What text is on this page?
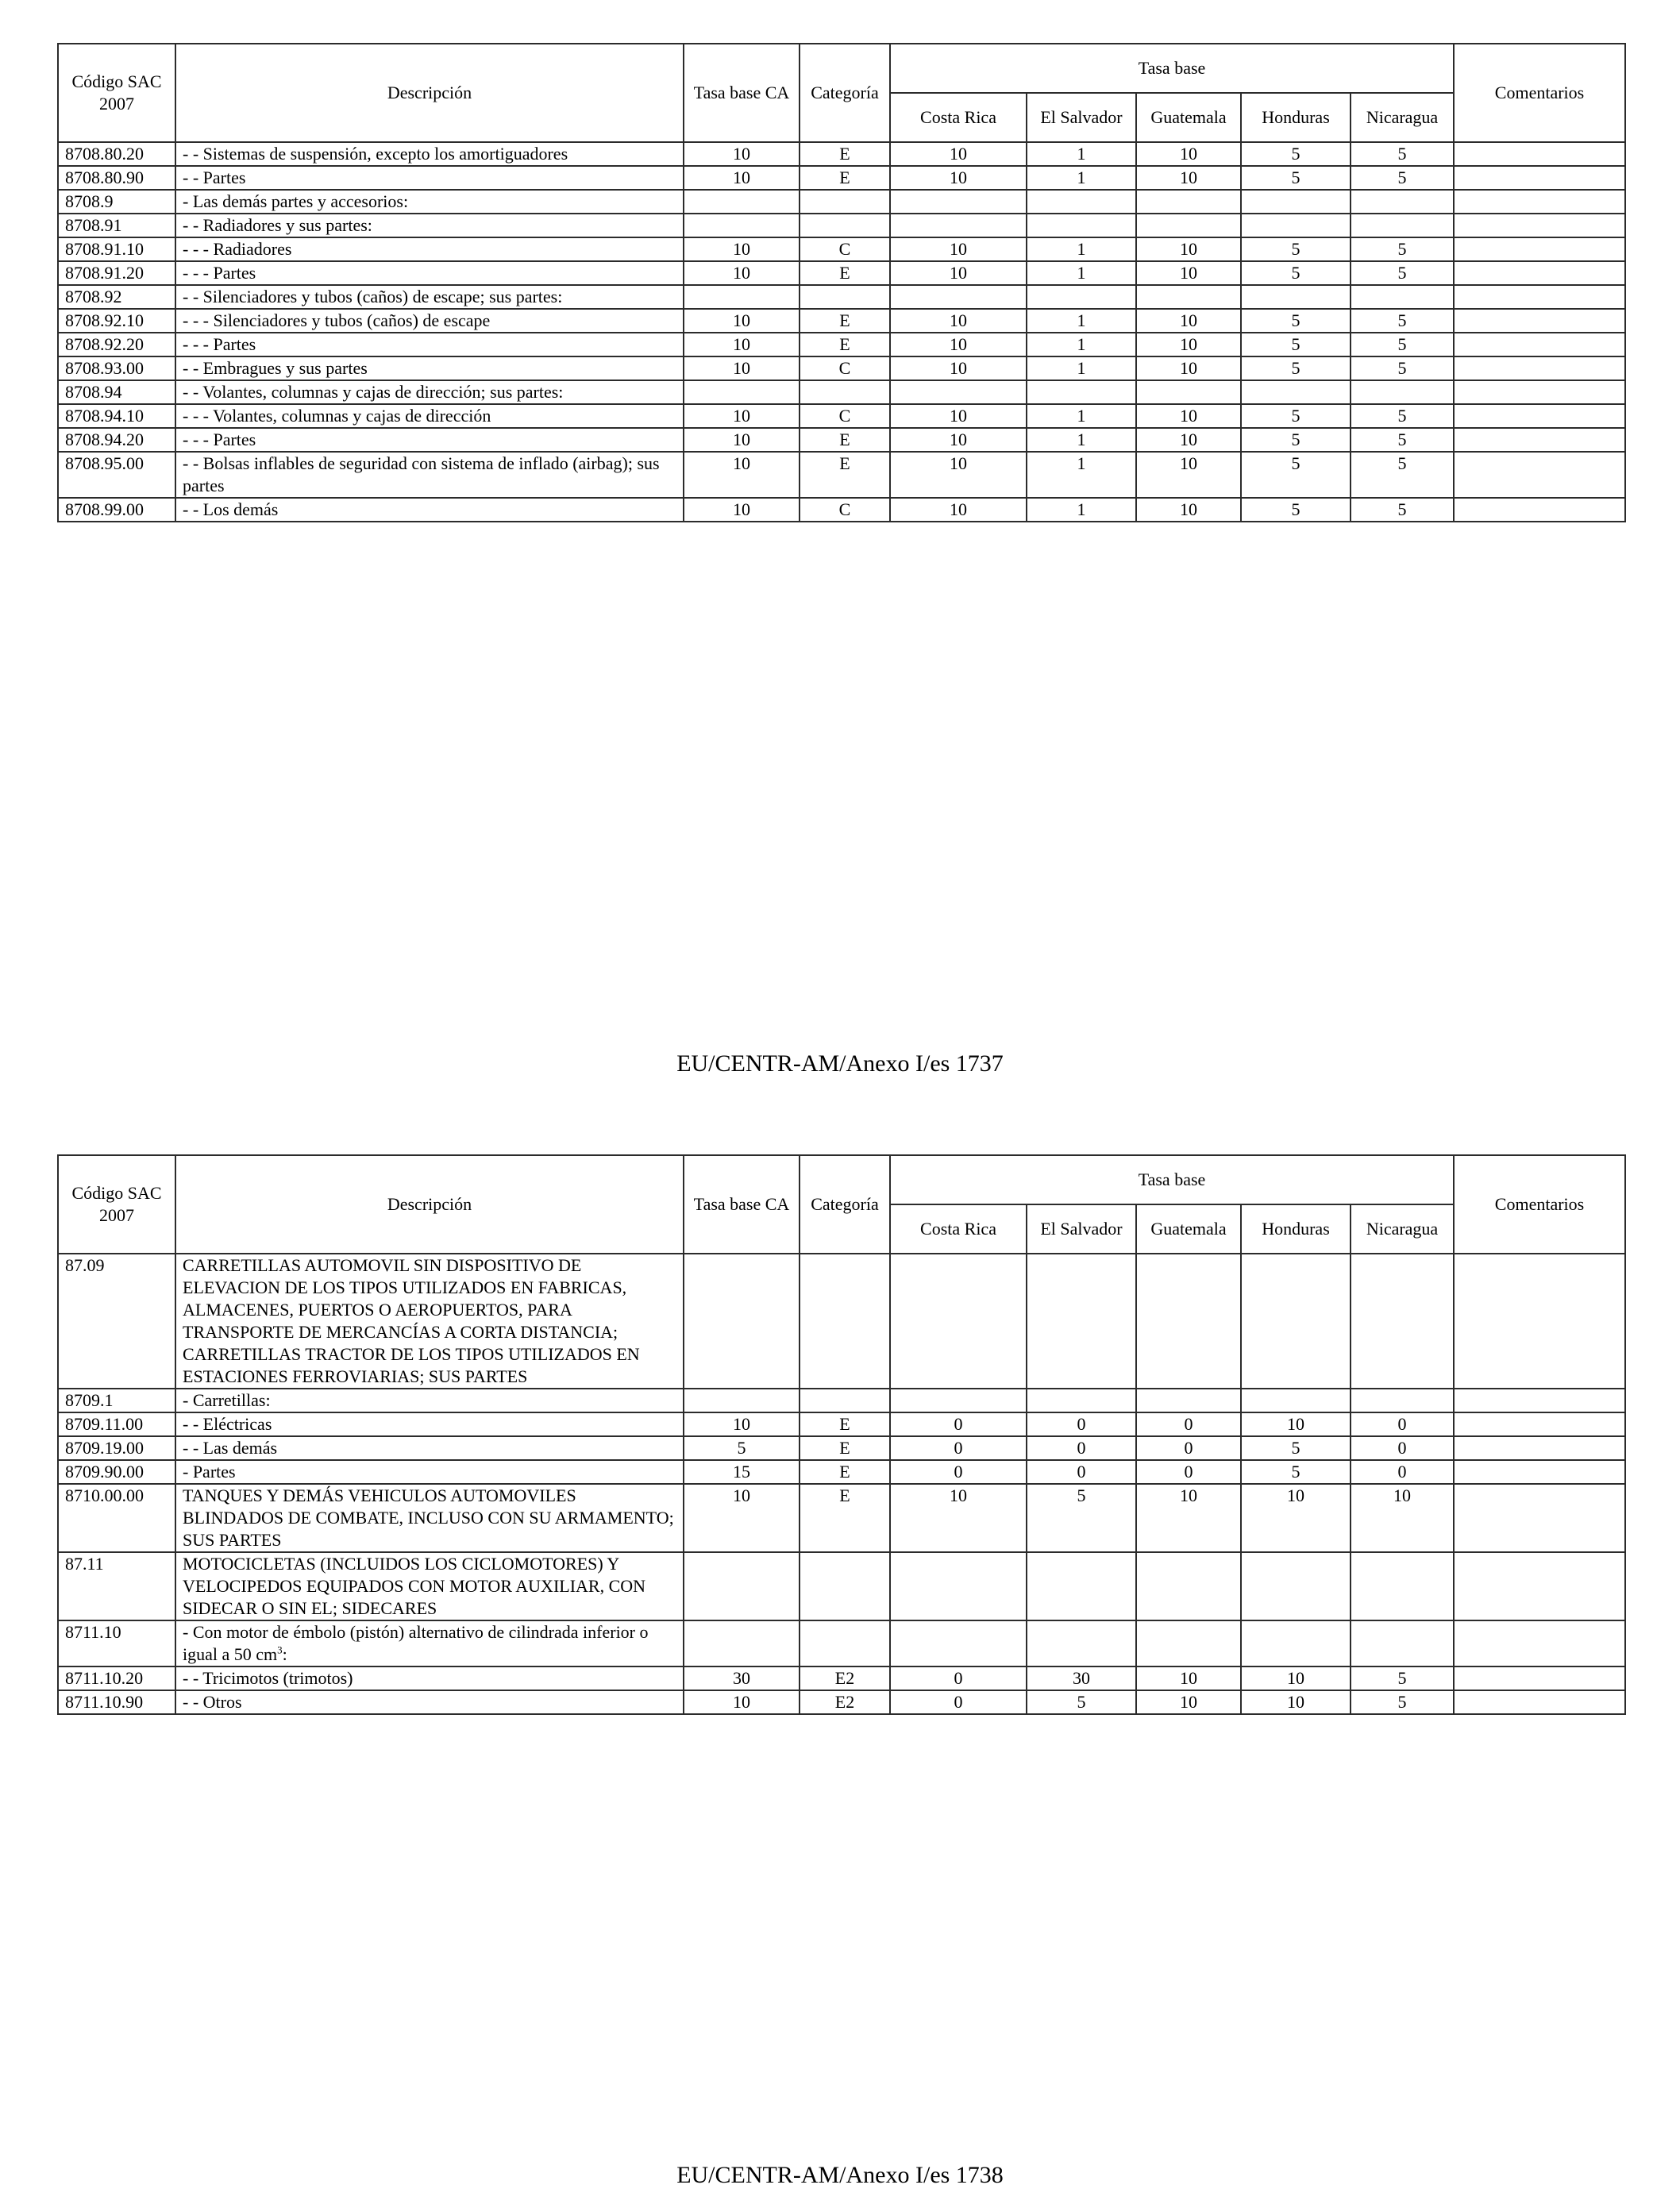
Código SAC 2007	Descripción	Tasa base CA	Categoría	Tasa base					Comentarios
				Costa Rica	El Salvador	Guatemala	Honduras	Nicaragua	
8708.80.20	- - Sistemas de suspensión, excepto los amortiguadores	10	E	10	1	10	5	5	
8708.80.90	- - Partes	10	E	10	1	10	5	5	
8708.9	- Las demás partes y accesorios:								
8708.91	- - Radiadores y sus partes:								
8708.91.10	- - - Radiadores	10	C	10	1	10	5	5	
8708.91.20	- - - Partes	10	E	10	1	10	5	5	
8708.92	- - Silenciadores y tubos (caños) de escape; sus partes:								
8708.92.10	- - - Silenciadores y tubos (caños) de escape	10	E	10	1	10	5	5	
8708.92.20	- - - Partes	10	E	10	1	10	5	5	
8708.93.00	- - Embragues y sus partes	10	C	10	1	10	5	5	
8708.94	- - Volantes, columnas y cajas de dirección; sus partes:								
8708.94.10	- - - Volantes, columnas y cajas de dirección	10	C	10	1	10	5	5	
8708.94.20	- - - Partes	10	E	10	1	10	5	5	
8708.95.00	- - Bolsas inflables de seguridad con sistema de inflado (airbag); sus partes	10	E	10	1	10	5	5	
8708.99.00	- - Los demás	10	C	10	1	10	5	5	
EU/CENTR-AM/Anexo I/es 1737
Código SAC 2007	Descripción	Tasa base CA	Categoría	Tasa base					Comentarios
				Costa Rica	El Salvador	Guatemala	Honduras	Nicaragua	
87.09	CARRETILLAS AUTOMOVIL SIN DISPOSITIVO DE ELEVACION DE LOS TIPOS UTILIZADOS EN FABRICAS, ALMACENES, PUERTOS O AEROPUERTOS, PARA TRANSPORTE DE MERCANCÍAS A CORTA DISTANCIA; CARRETILLAS TRACTOR DE LOS TIPOS UTILIZADOS EN ESTACIONES FERROVIARIAS; SUS PARTES								
8709.1	- Carretillas:								
8709.11.00	- - Eléctricas	10	E	0	0	0	10	0	
8709.19.00	- - Las demás	5	E	0	0	0	5	0	
8709.90.00	- Partes	15	E	0	0	0	5	0	
8710.00.00	TANQUES Y DEMÁS VEHICULOS AUTOMOVILES BLINDADOS DE COMBATE, INCLUSO CON SU ARMAMENTO; SUS PARTES	10	E	10	5	10	10	10	
87.11	MOTOCICLETAS (INCLUIDOS LOS CICLOMOTORES) Y VELOCIPEDOS EQUIPADOS CON MOTOR AUXILIAR, CON SIDECAR O SIN EL; SIDECARES								
8711.10	- Con motor de émbolo (pistón) alternativo de cilindrada inferior o igual a 50 $cm^3$:								
8711.10.20	- - Tricimotos (trimotos)	30	E2	0	30	10	10	5	
8711.10.90	- - Otros	10	E2	0	5	10	10	5	
EU/CENTR-AM/Anexo I/es 1738
